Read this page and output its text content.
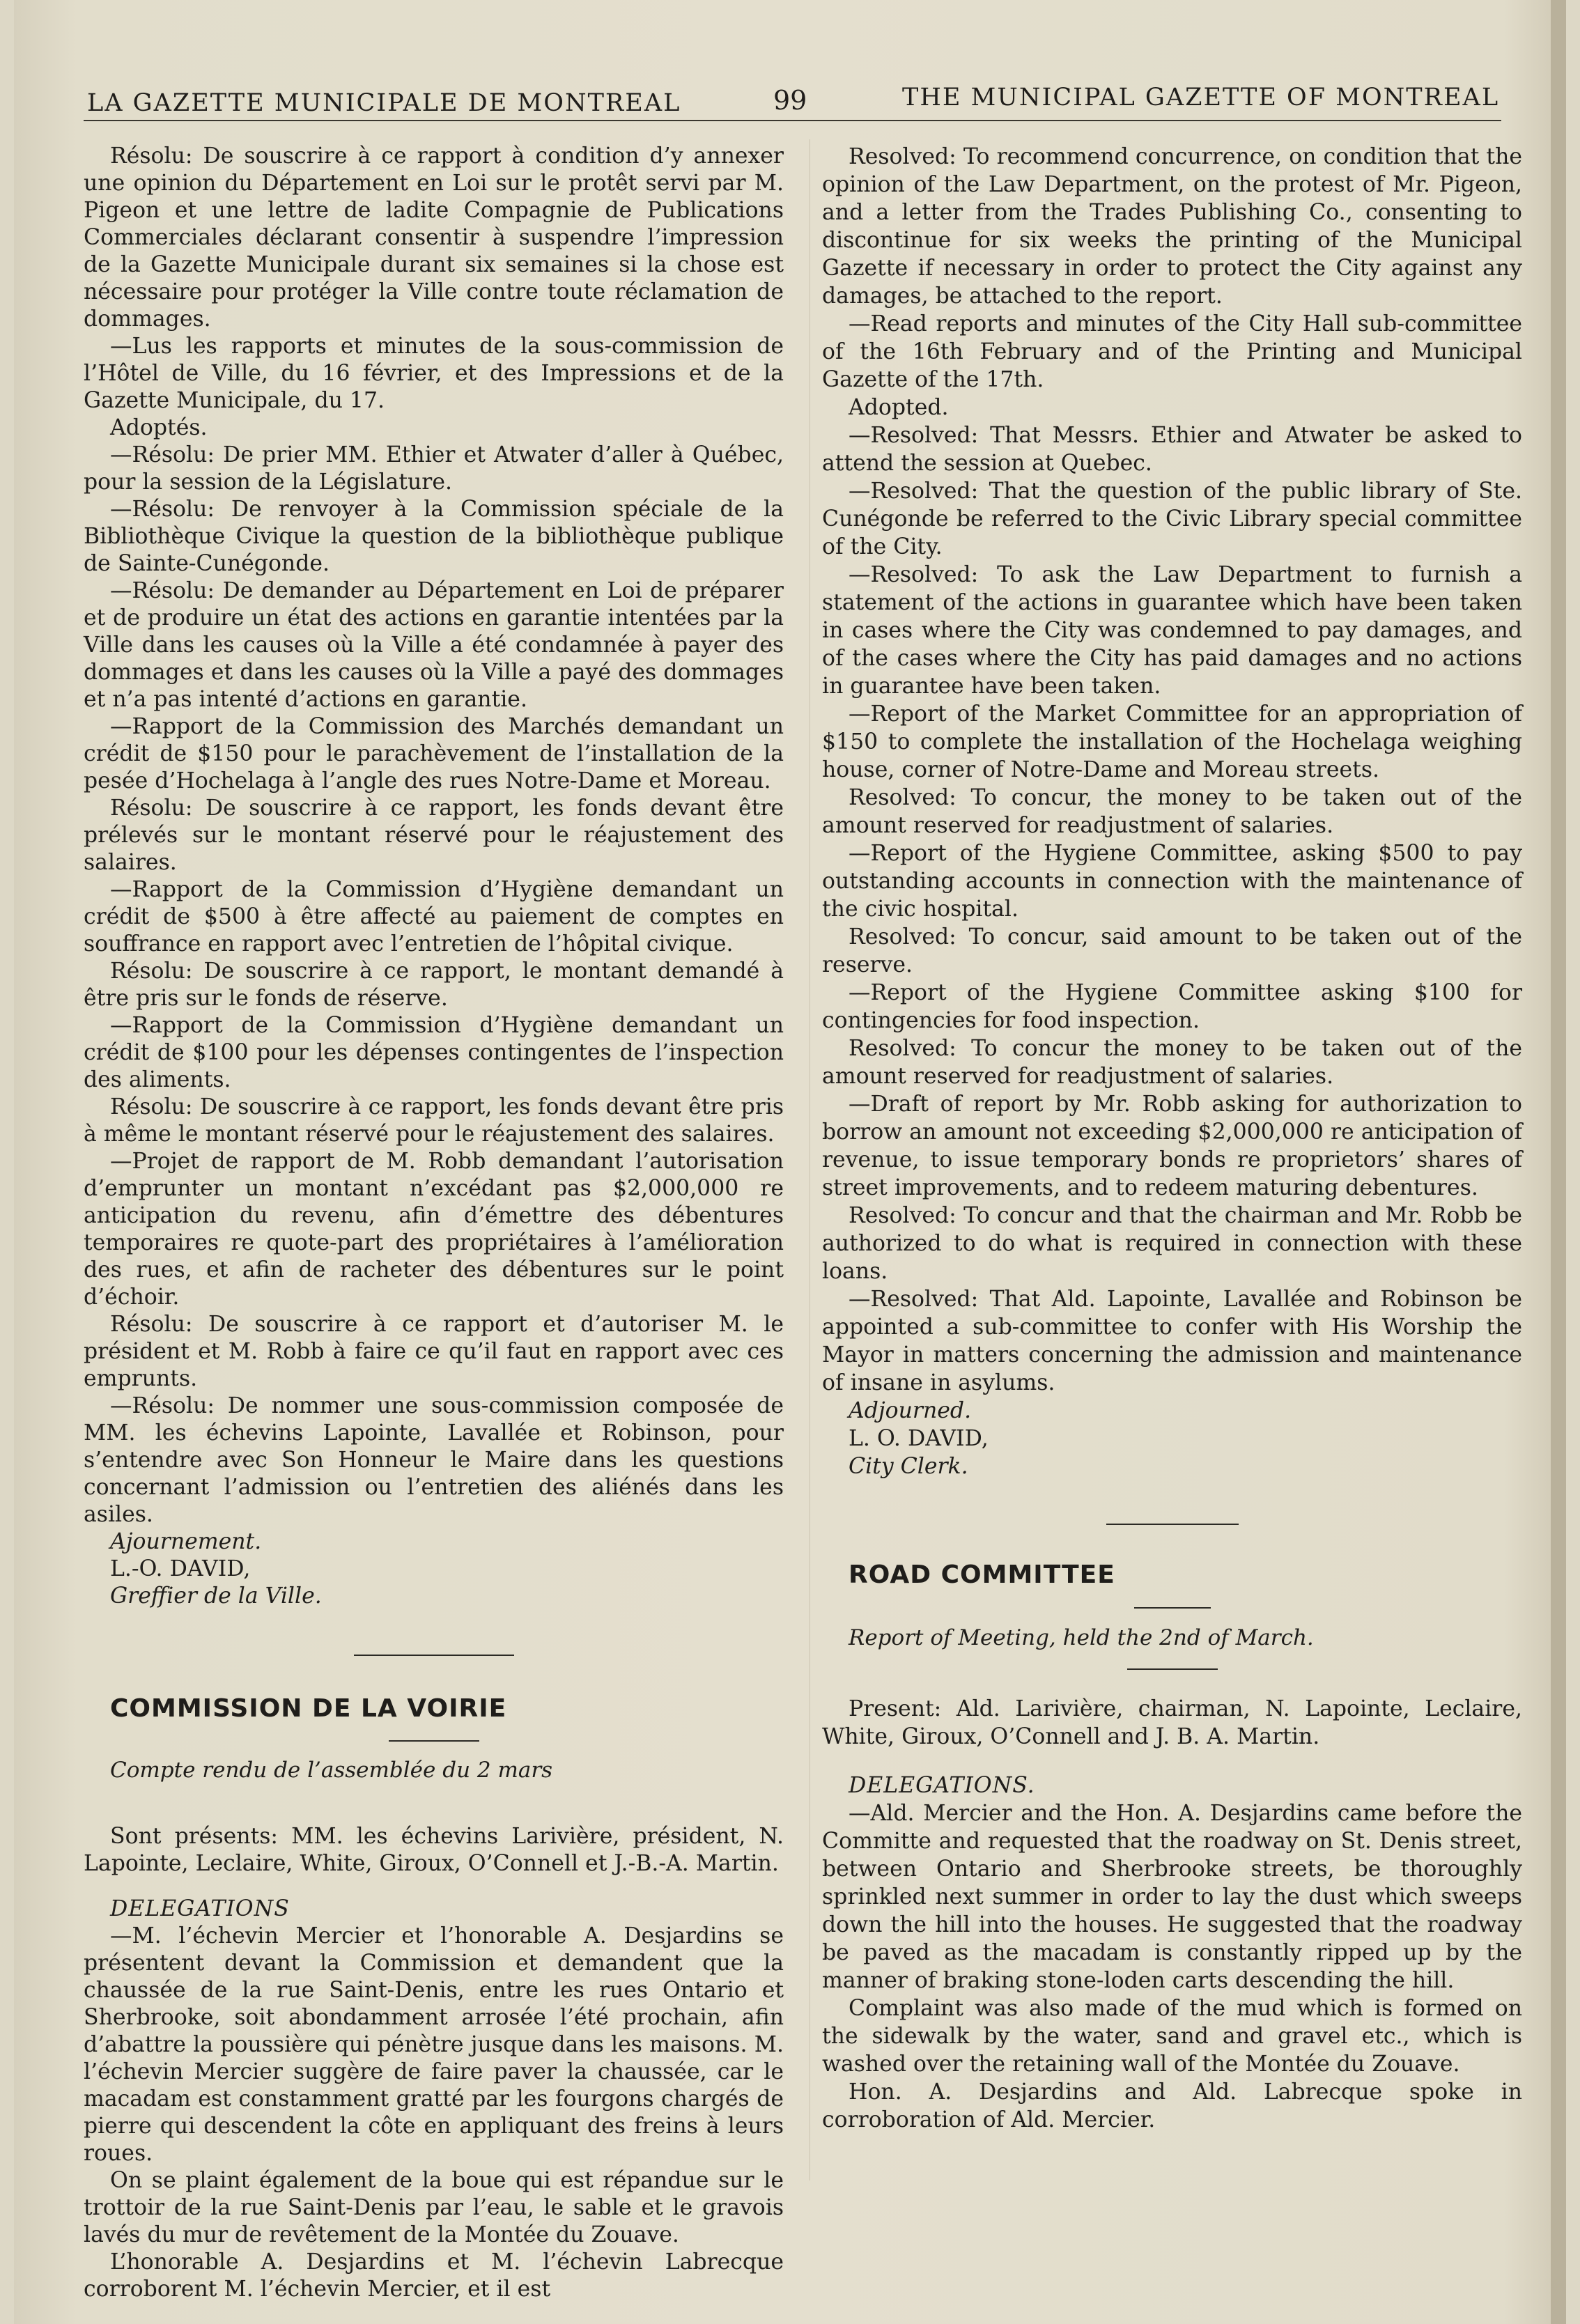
LA GAZETTE MUNICIPALE DE MONTREAL	99	THE MUNICIPAL GAZETTE OF MONTREAL

Résolu: De souscrire à ce rapport à condition d’y annexer une opinion du Département en Loi sur le protêt servi par M. Pigeon et une lettre de ladite Compagnie de Publications Commerciales déclarant consentir à suspendre l’impression de la Gazette Municipale durant six semaines si la chose est nécessaire pour protéger la Ville contre toute réclamation de dommages.

—Lus les rapports et minutes de la sous-commission de l’Hôtel de Ville, du 16 février, et des Impressions et de la Gazette Municipale, du 17.

Adoptés.

—Résolu: De prier MM. Ethier et Atwater d’aller à Québec, pour la session de la Législature.

—Résolu: De renvoyer à la Commission spéciale de la Bibliothèque Civique la question de la bibliothèque publique de Sainte-Cunégonde.

—Résolu: De demander au Département en Loi de préparer et de produire un état des actions en garantie intentées par la Ville dans les causes où la Ville a été condamnée à payer des dommages et dans les causes où la Ville a payé des dommages et n’a pas intenté d’actions en garantie.

—Rapport de la Commission des Marchés demandant un crédit de $150 pour le parachèvement de l’installation de la pesée d’Hochelaga à l’angle des rues Notre-Dame et Moreau.

Résolu: De souscrire à ce rapport, les fonds devant être prélevés sur le montant réservé pour le réajustement des salaires.

—Rapport de la Commission d’Hygiène demandant un crédit de $500 à être affecté au paiement de comptes en souffrance en rapport avec l’entretien de l’hôpital civique.

Résolu: De souscrire à ce rapport, le montant demandé à être pris sur le fonds de réserve.

—Rapport de la Commission d’Hygiène demandant un crédit de $100 pour les dépenses contingentes de l’inspection des aliments.

Résolu: De souscrire à ce rapport, les fonds devant être pris à même le montant réservé pour le réajustement des salaires.

—Projet de rapport de M. Robb demandant l’autorisation d’emprunter un montant n’excédant pas $2,000,000 re anticipation du revenu, afin d’émettre des débentures temporaires re quote-part des propriétaires à l’amélioration des rues, et afin de racheter des débentures sur le point d’échoir.

Résolu: De souscrire à ce rapport et d’autoriser M. le président et M. Robb à faire ce qu’il faut en rapport avec ces emprunts.

—Résolu: De nommer une sous-commission composée de MM. les échevins Lapointe, Lavallée et Robinson, pour s’entendre avec Son Honneur le Maire dans les questions concernant l’admission ou l’entretien des aliénés dans les asiles.

Ajournement.

L.-O. DAVID,

Greffier de la Ville.

COMMISSION DE LA VOIRIE

Compte rendu de l’assemblée du 2 mars

Sont présents: MM. les échevins Larivière, président, N. Lapointe, Leclaire, White, Giroux, O’Connell et J.-B.-A. Martin.

DELEGATIONS

—M. l’échevin Mercier et l’honorable A. Desjardins se présentent devant la Commission et demandent que la chaussée de la rue Saint-Denis, entre les rues Ontario et Sherbrooke, soit abondamment arrosée l’été prochain, afin d’abattre la poussière qui pénètre jusque dans les maisons. M. l’échevin Mercier suggère de faire paver la chaussée, car le macadam est constamment gratté par les fourgons chargés de pierre qui descendent la côte en appliquant des freins à leurs roues.

On se plaint également de la boue qui est répandue sur le trottoir de la rue Saint-Denis par l’eau, le sable et le gravois lavés du mur de revêtement de la Montée du Zouave.

L’honorable A. Desjardins et M. l’échevin Labrecque corroborent M. l’échevin Mercier, et il est

Resolved: To recommend concurrence, on condition that the opinion of the Law Department, on the protest of Mr. Pigeon, and a letter from the Trades Publishing Co., consenting to discontinue for six weeks the printing of the Municipal Gazette if necessary in order to protect the City against any damages, be attached to the report.

—Read reports and minutes of the City Hall sub-committee of the 16th February and of the Printing and Municipal Gazette of the 17th.

Adopted.

—Resolved: That Messrs. Ethier and Atwater be asked to attend the session at Quebec.

—Resolved: That the question of the public library of Ste. Cunégonde be referred to the Civic Library special committee of the City.

—Resolved: To ask the Law Department to furnish a statement of the actions in guarantee which have been taken in cases where the City was condemned to pay damages, and of the cases where the City has paid damages and no actions in guarantee have been taken.

—Report of the Market Committee for an appropriation of $150 to complete the installation of the Hochelaga weighing house, corner of Notre-Dame and Moreau streets.

Resolved: To concur, the money to be taken out of the amount reserved for readjustment of salaries.

—Report of the Hygiene Committee, asking $500 to pay outstanding accounts in connection with the maintenance of the civic hospital.

Resolved: To concur, said amount to be taken out of the reserve.

—Report of the Hygiene Committee asking $100 for contingencies for food inspection.

Resolved: To concur the money to be taken out of the amount reserved for readjustment of salaries.

—Draft of report by Mr. Robb asking for authorization to borrow an amount not exceeding $2,000,000 re anticipation of revenue, to issue temporary bonds re proprietors’ shares of street improvements, and to redeem maturing debentures.

Resolved: To concur and that the chairman and Mr. Robb be authorized to do what is required in connection with these loans.

—Resolved: That Ald. Lapointe, Lavallée and Robinson be appointed a sub-committee to confer with His Worship the Mayor in matters concerning the admission and maintenance of insane in asylums.

Adjourned.

L. O. DAVID,

City Clerk.

ROAD COMMITTEE

Report of Meeting, held the 2nd of March.

Present: Ald. Larivière, chairman, N. Lapointe, Leclaire, White, Giroux, O’Connell and J. B. A. Martin.

DELEGATIONS.

—Ald. Mercier and the Hon. A. Desjardins came before the Committe and requested that the roadway on St. Denis street, between Ontario and Sherbrooke streets, be thoroughly sprinkled next summer in order to lay the dust which sweeps down the hill into the houses. He suggested that the roadway be paved as the macadam is constantly ripped up by the manner of braking stone-loden carts descending the hill.

Complaint was also made of the mud which is formed on the sidewalk by the water, sand and gravel etc., which is washed over the retaining wall of the Montée du Zouave.

Hon. A. Desjardins and Ald. Labrecque spoke in corroboration of Ald. Mercier.
